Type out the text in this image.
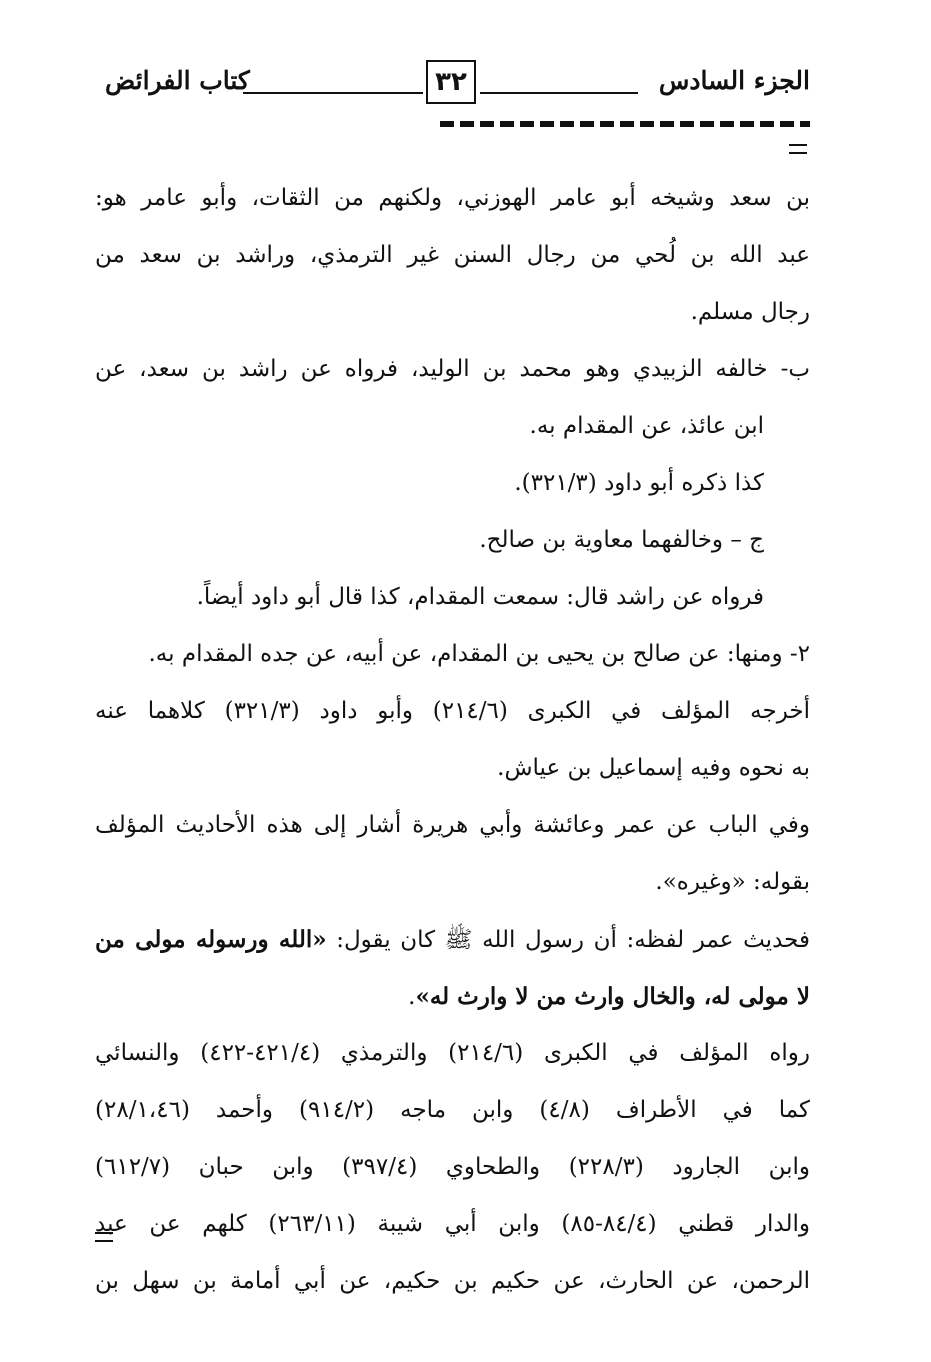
الجزء السادس
٣٢
كتاب الفرائض
بن سعد وشيخه أبو عامر الهوزني، ولكنهم من الثقات، وأبو عامر هو:
عبد الله بن لُحي من رجال السنن غير الترمذي، وراشد بن سعد من
رجال مسلم.
ب- خالفه الزبيدي وهو محمد بن الوليد، فرواه عن راشد بن سعد، عن
ابن عائذ، عن المقدام به.
كذا ذكره أبو داود (٣٢١/٣).
ج – وخالفهما معاوية بن صالح.
فرواه عن راشد قال: سمعت المقدام، كذا قال أبو داود أيضاً.
٢- ومنها: عن صالح بن يحيى بن المقدام، عن أبيه، عن جده المقدام به.
أخرجه المؤلف في الكبرى (٢١٤/٦) وأبو داود (٣٢١/٣) كلاهما عنه
به نحوه وفيه إسماعيل بن عياش.
وفي الباب عن عمر وعائشة وأبي هريرة أشار إلى هذه الأحاديث المؤلف
بقوله: «وغيره».
فحديث عمر لفظه: أن رسول الله ﷺ كان يقول: «الله ورسوله مولى من
لا مولى له، والخال وارث من لا وارث له».
رواه المؤلف في الكبرى (٢١٤/٦) والترمذي (٤٢١/٤-٤٢٢) والنسائي
كما في الأطراف (٤/٨) وابن ماجه (٩١٤/٢) وأحمد (٢٨/١،٤٦)
وابن الجارود (٢٢٨/٣) والطحاوي (٣٩٧/٤) وابن حبان (٦١٢/٧)
والدار قطني (٨٤/٤-٨٥) وابن أبي شيبة (٢٦٣/١١) كلهم عن عبد
الرحمن، عن الحارث، عن حكيم بن حكيم، عن أبي أمامة بن سهل بن
